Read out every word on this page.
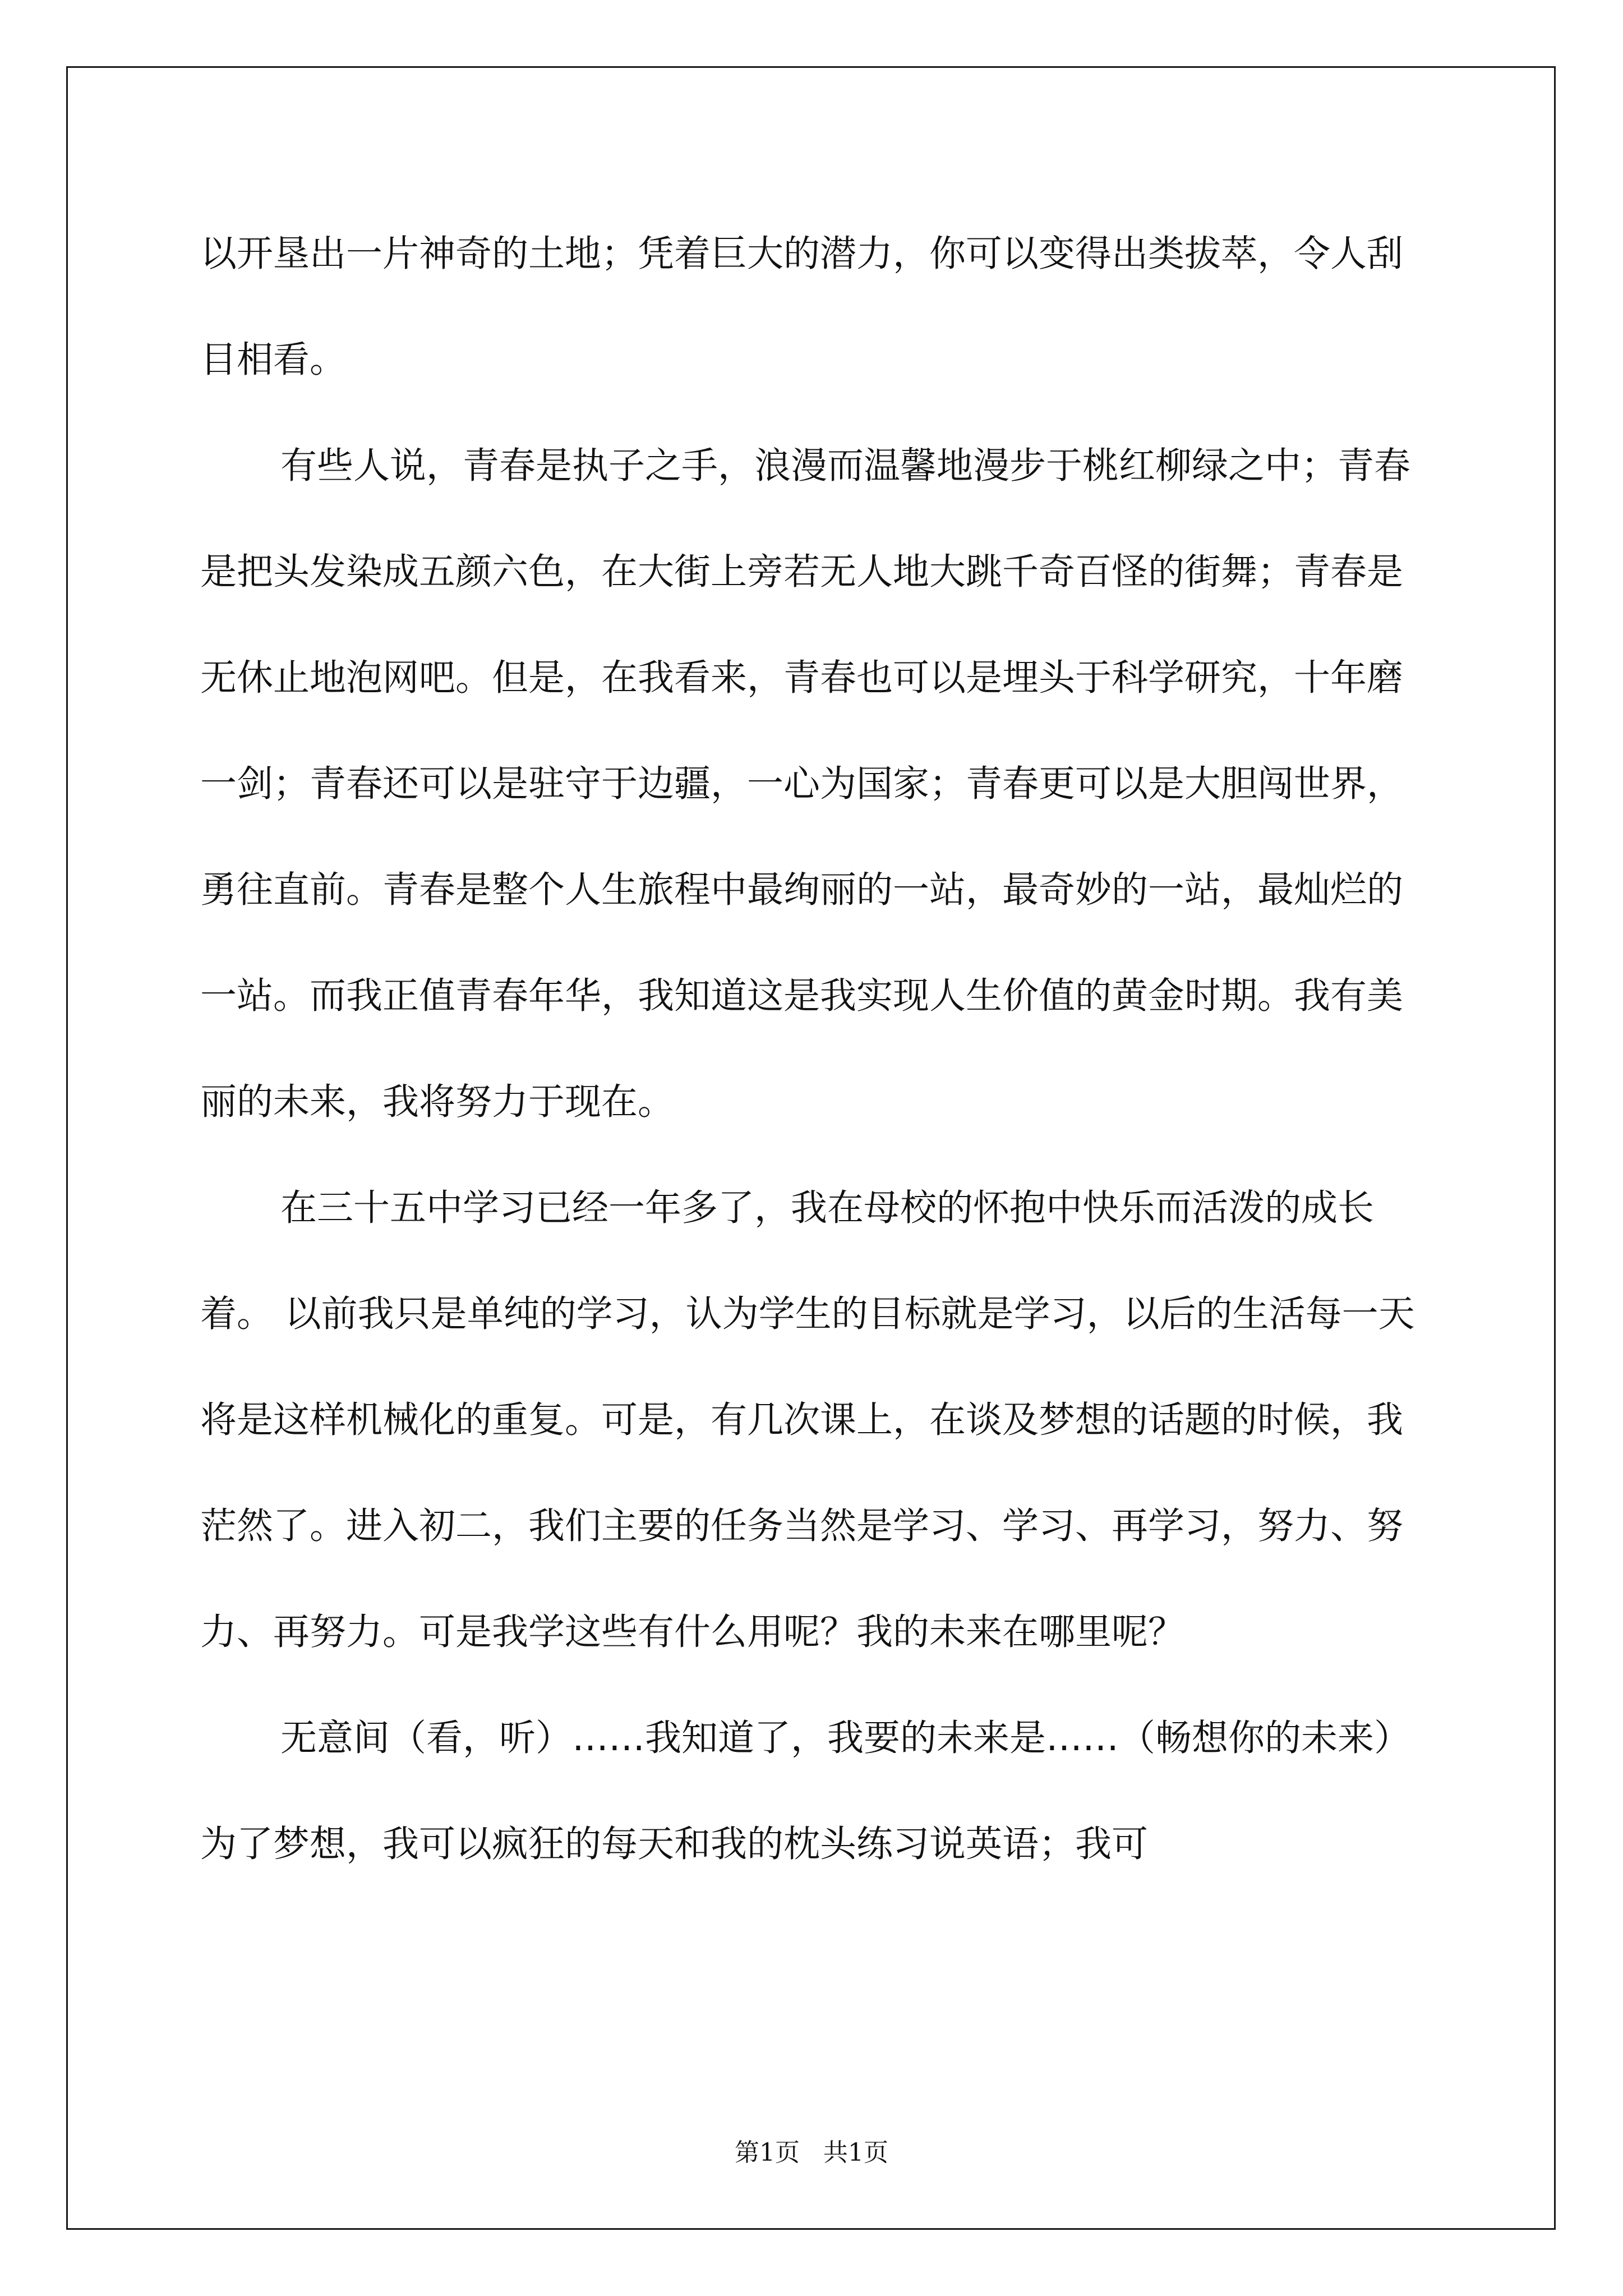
以开垦出一片神奇的土地；凭着巨大的潜力，你可以变得出类拔萃，令人刮目相看。

有些人说，青春是执子之手，浪漫而温馨地漫步于桃红柳绿之中；青春是把头发染成五颜六色，在大街上旁若无人地大跳千奇百怪的街舞；青春是无休止地泡网吧。但是，在我看来，青春也可以是埋头于科学研究，十年磨一剑；青春还可以是驻守于边疆，一心为国家；青春更可以是大胆闯世界，勇往直前。青春是整个人生旅程中最绚丽的一站，最奇妙的一站，最灿烂的一站。而我正值青春年华，我知道这是我实现人生价值的黄金时期。我有美丽的未来，我将努力于现在。

在三十五中学习已经一年多了，我在母校的怀抱中快乐而活泼的成长着。 以前我只是单纯的学习，认为学生的目标就是学习，以后的生活每一天将是这样机械化的重复。可是，有几次课上，在谈及梦想的话题的时候，我茫然了。进入初二，我们主要的任务当然是学习、学习、再学习，努力、努力、再努力。可是我学这些有什么用呢？我的未来在哪里呢？

无意间（看，听）……我知道了，我要的未来是……（畅想你的未来） 为了梦想，我可以疯狂的每天和我的枕头练习说英语；我可

第1页   共1页
